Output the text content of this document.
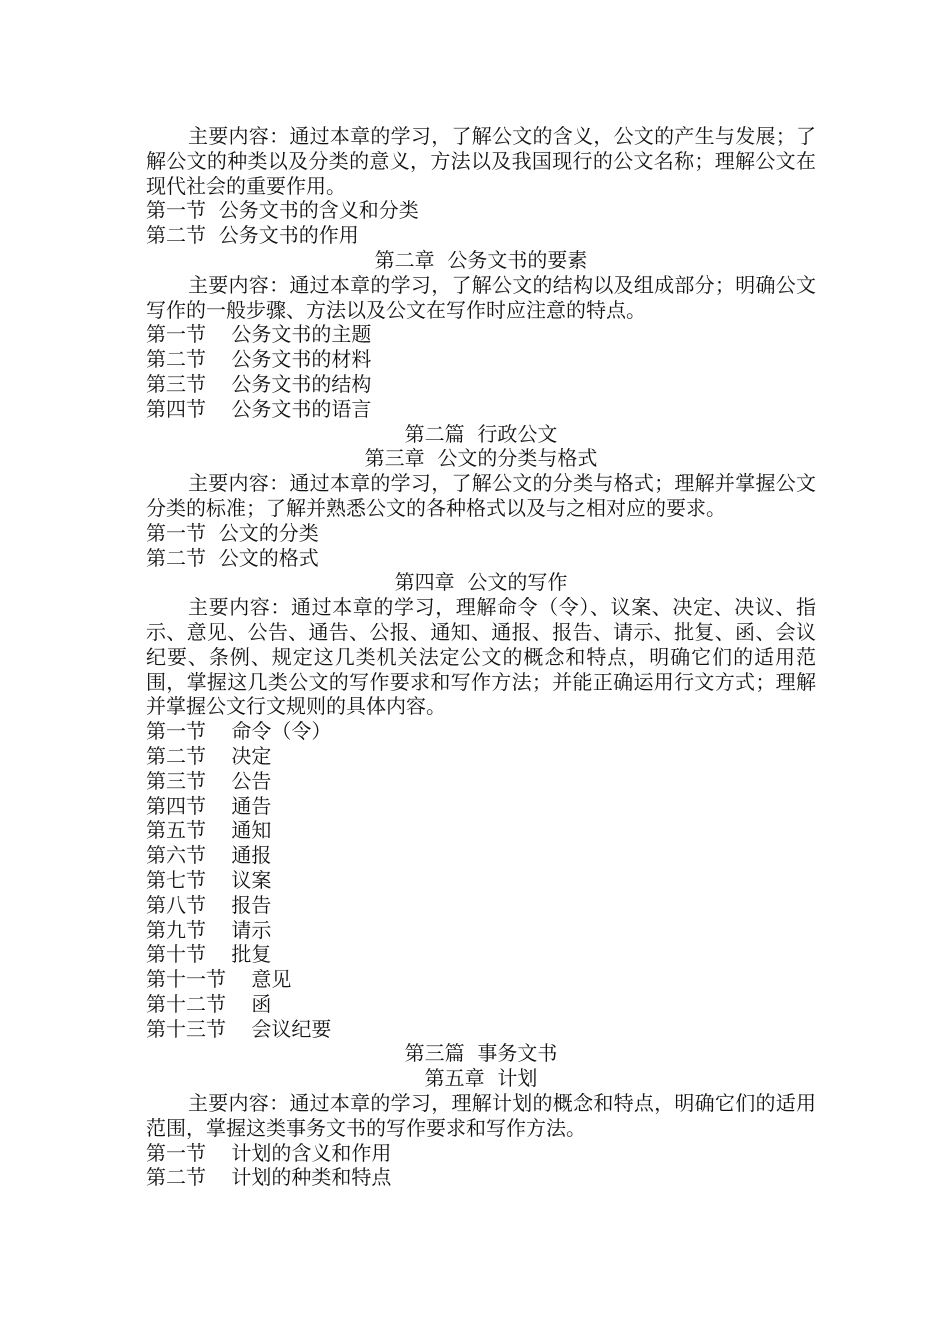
主要内容：通过本章的学习，了解公文的含义，公文的产生与发展；了解公文的种类以及分类的意义，方法以及我国现行的公文名称；理解公文在现代社会的重要作用。

第一节  公务文书的含义和分类

第二节  公务文书的作用

第二章  公务文书的要素

主要内容：通过本章的学习，了解公文的结构以及组成部分；明确公文写作的一般步骤、方法以及公文在写作时应注意的特点。

第一节    公务文书的主题

第二节    公务文书的材料

第三节    公务文书的结构

第四节    公务文书的语言

第二篇  行政公文

第三章  公文的分类与格式

主要内容：通过本章的学习，了解公文的分类与格式；理解并掌握公文分类的标准；了解并熟悉公文的各种格式以及与之相对应的要求。

第一节  公文的分类

第二节  公文的格式

第四章  公文的写作

主要内容：通过本章的学习，理解命令（令）、议案、决定、决议、指示、意见、公告、通告、公报、通知、通报、报告、请示、批复、函、会议纪要、条例、规定这几类机关法定公文的概念和特点，明确它们的适用范围，掌握这几类公文的写作要求和写作方法；并能正确运用行文方式；理解并掌握公文行文规则的具体内容。

第一节    命令（令）

第二节    决定

第三节    公告

第四节    通告

第五节    通知

第六节    通报

第七节    议案

第八节    报告

第九节    请示

第十节    批复

第十一节    意见

第十二节    函

第十三节    会议纪要

第三篇  事务文书

第五章  计划

主要内容：通过本章的学习，理解计划的概念和特点，明确它们的适用范围，掌握这类事务文书的写作要求和写作方法。

第一节    计划的含义和作用

第二节    计划的种类和特点
